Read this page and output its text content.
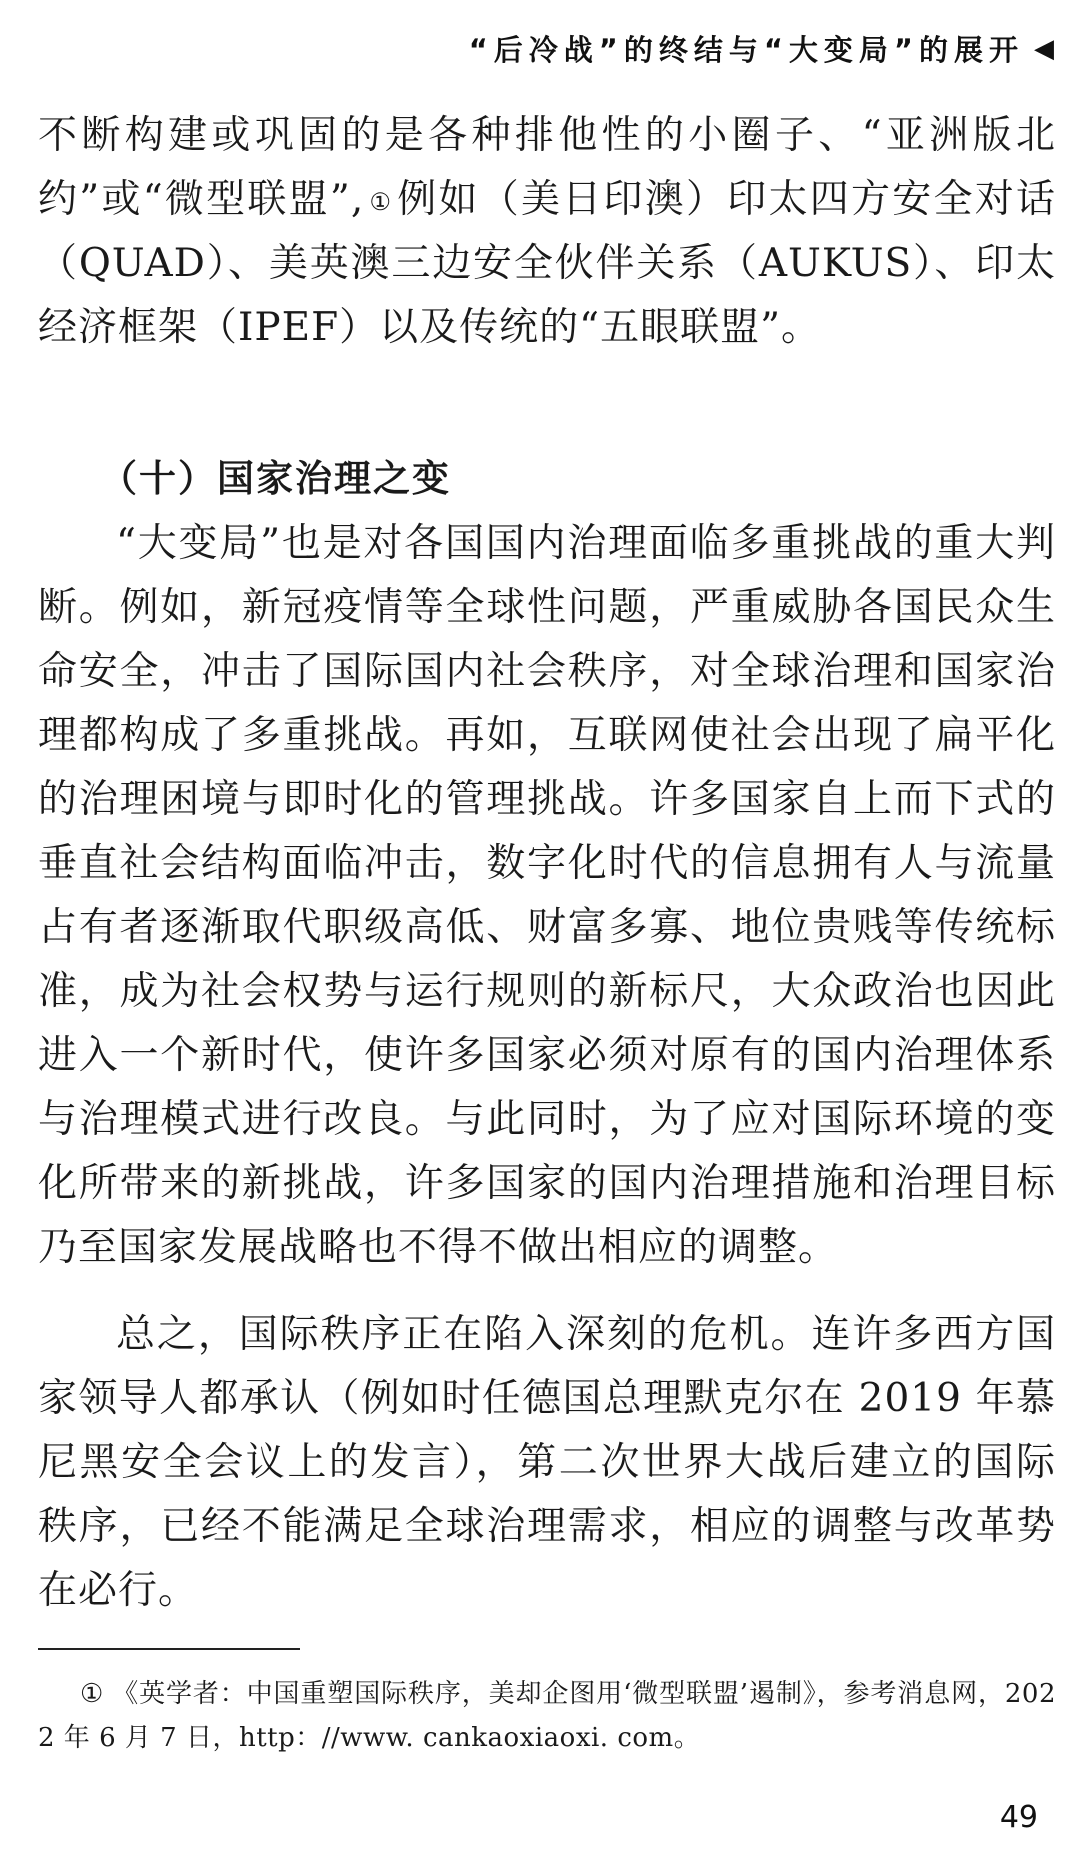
“后冷战”的终结与“大变局”的展开 ◀

不断构建或巩固的是各种排他性的小圈子、“亚洲版北约”或“微型联盟”, ① 例如（美日印澳）印太四方安全对话（QUAD）、美英澳三边安全伙伴关系（AUKUS）、印太经济框架（IPEF）以及传统的“五眼联盟”。

（十）国家治理之变

“大变局”也是对各国国内治理面临多重挑战的重大判断。例如，新冠疫情等全球性问题，严重威胁各国民众生命安全，冲击了国际国内社会秩序，对全球治理和国家治理都构成了多重挑战。再如，互联网使社会出现了扁平化的治理困境与即时化的管理挑战。许多国家自上而下式的垂直社会结构面临冲击，数字化时代的信息拥有人与流量占有者逐渐取代职级高低、财富多寡、地位贵贱等传统标准，成为社会权势与运行规则的新标尺，大众政治也因此进入一个新时代，使许多国家必须对原有的国内治理体系与治理模式进行改良。与此同时，为了应对国际环境的变化所带来的新挑战，许多国家的国内治理措施和治理目标乃至国家发展战略也不得不做出相应的调整。

总之，国际秩序正在陷入深刻的危机。连许多西方国家领导人都承认（例如时任德国总理默克尔在 2019 年慕尼黑安全会议上的发言），第二次世界大战后建立的国际秩序，已经不能满足全球治理需求，相应的调整与改革势在必行。

① 《英学者：中国重塑国际秩序，美却企图用‘微型联盟’遏制》，参考消息网，2022 年 6 月 7 日，http：//www. cankaoxiaoxi. com。

49
